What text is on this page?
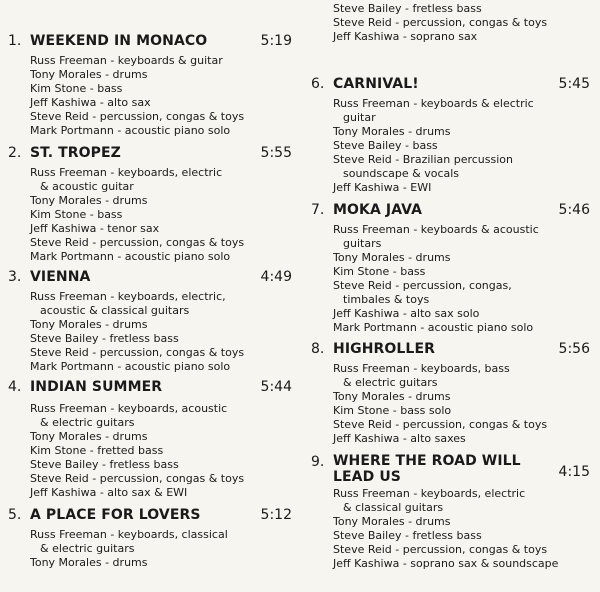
1. WEEKEND IN MONACO	5:19
Russ Freeman - keyboards & guitar
Tony Morales - drums
Kim Stone - bass
Jeff Kashiwa - alto sax
Steve Reid - percussion, congas & toys
Mark Portmann - acoustic piano solo
2. ST. TROPEZ	5:55
Russ Freeman - keyboards, electric
& acoustic guitar
Tony Morales - drums
Kim Stone - bass
Jeff Kashiwa - tenor sax
Steve Reid - percussion, congas & toys
Mark Portmann - acoustic piano solo
3. VIENNA	4:49
Russ Freeman - keyboards, electric,
acoustic & classical guitars
Tony Morales - drums
Steve Bailey - fretless bass
Steve Reid - percussion, congas & toys
Mark Portmann - acoustic piano solo
4. INDIAN SUMMER	5:44
Russ Freeman - keyboards, acoustic
& electric guitars
Tony Morales - drums
Kim Stone - fretted bass
Steve Bailey - fretless bass
Steve Reid - percussion, congas & toys
Jeff Kashiwa - alto sax & EWI
5. A PLACE FOR LOVERS	5:12
Russ Freeman - keyboards, classical
& electric guitars
Tony Morales - drums
Steve Bailey - fretless bass
Steve Reid - percussion, congas & toys
Jeff Kashiwa - soprano sax
6. CARNIVAL!	5:45
Russ Freeman - keyboards & electric
guitar
Tony Morales - drums
Steve Bailey - bass
Steve Reid - Brazilian percussion
soundscape & vocals
Jeff Kashiwa - EWI
7. MOKA JAVA	5:46
Russ Freeman - keyboards & acoustic
guitars
Tony Morales - drums
Kim Stone - bass
Steve Reid - percussion, congas,
timbales & toys
Jeff Kashiwa - alto sax solo
Mark Portmann - acoustic piano solo
8. HIGHROLLER	5:56
Russ Freeman - keyboards, bass
& electric guitars
Tony Morales - drums
Kim Stone - bass solo
Steve Reid - percussion, congas & toys
Jeff Kashiwa - alto saxes
9. WHERE THE ROAD WILL LEAD US	4:15
Russ Freeman - keyboards, electric
& classical guitars
Tony Morales - drums
Steve Bailey - fretless bass
Steve Reid - percussion, congas & toys
Jeff Kashiwa - soprano sax & soundscape
